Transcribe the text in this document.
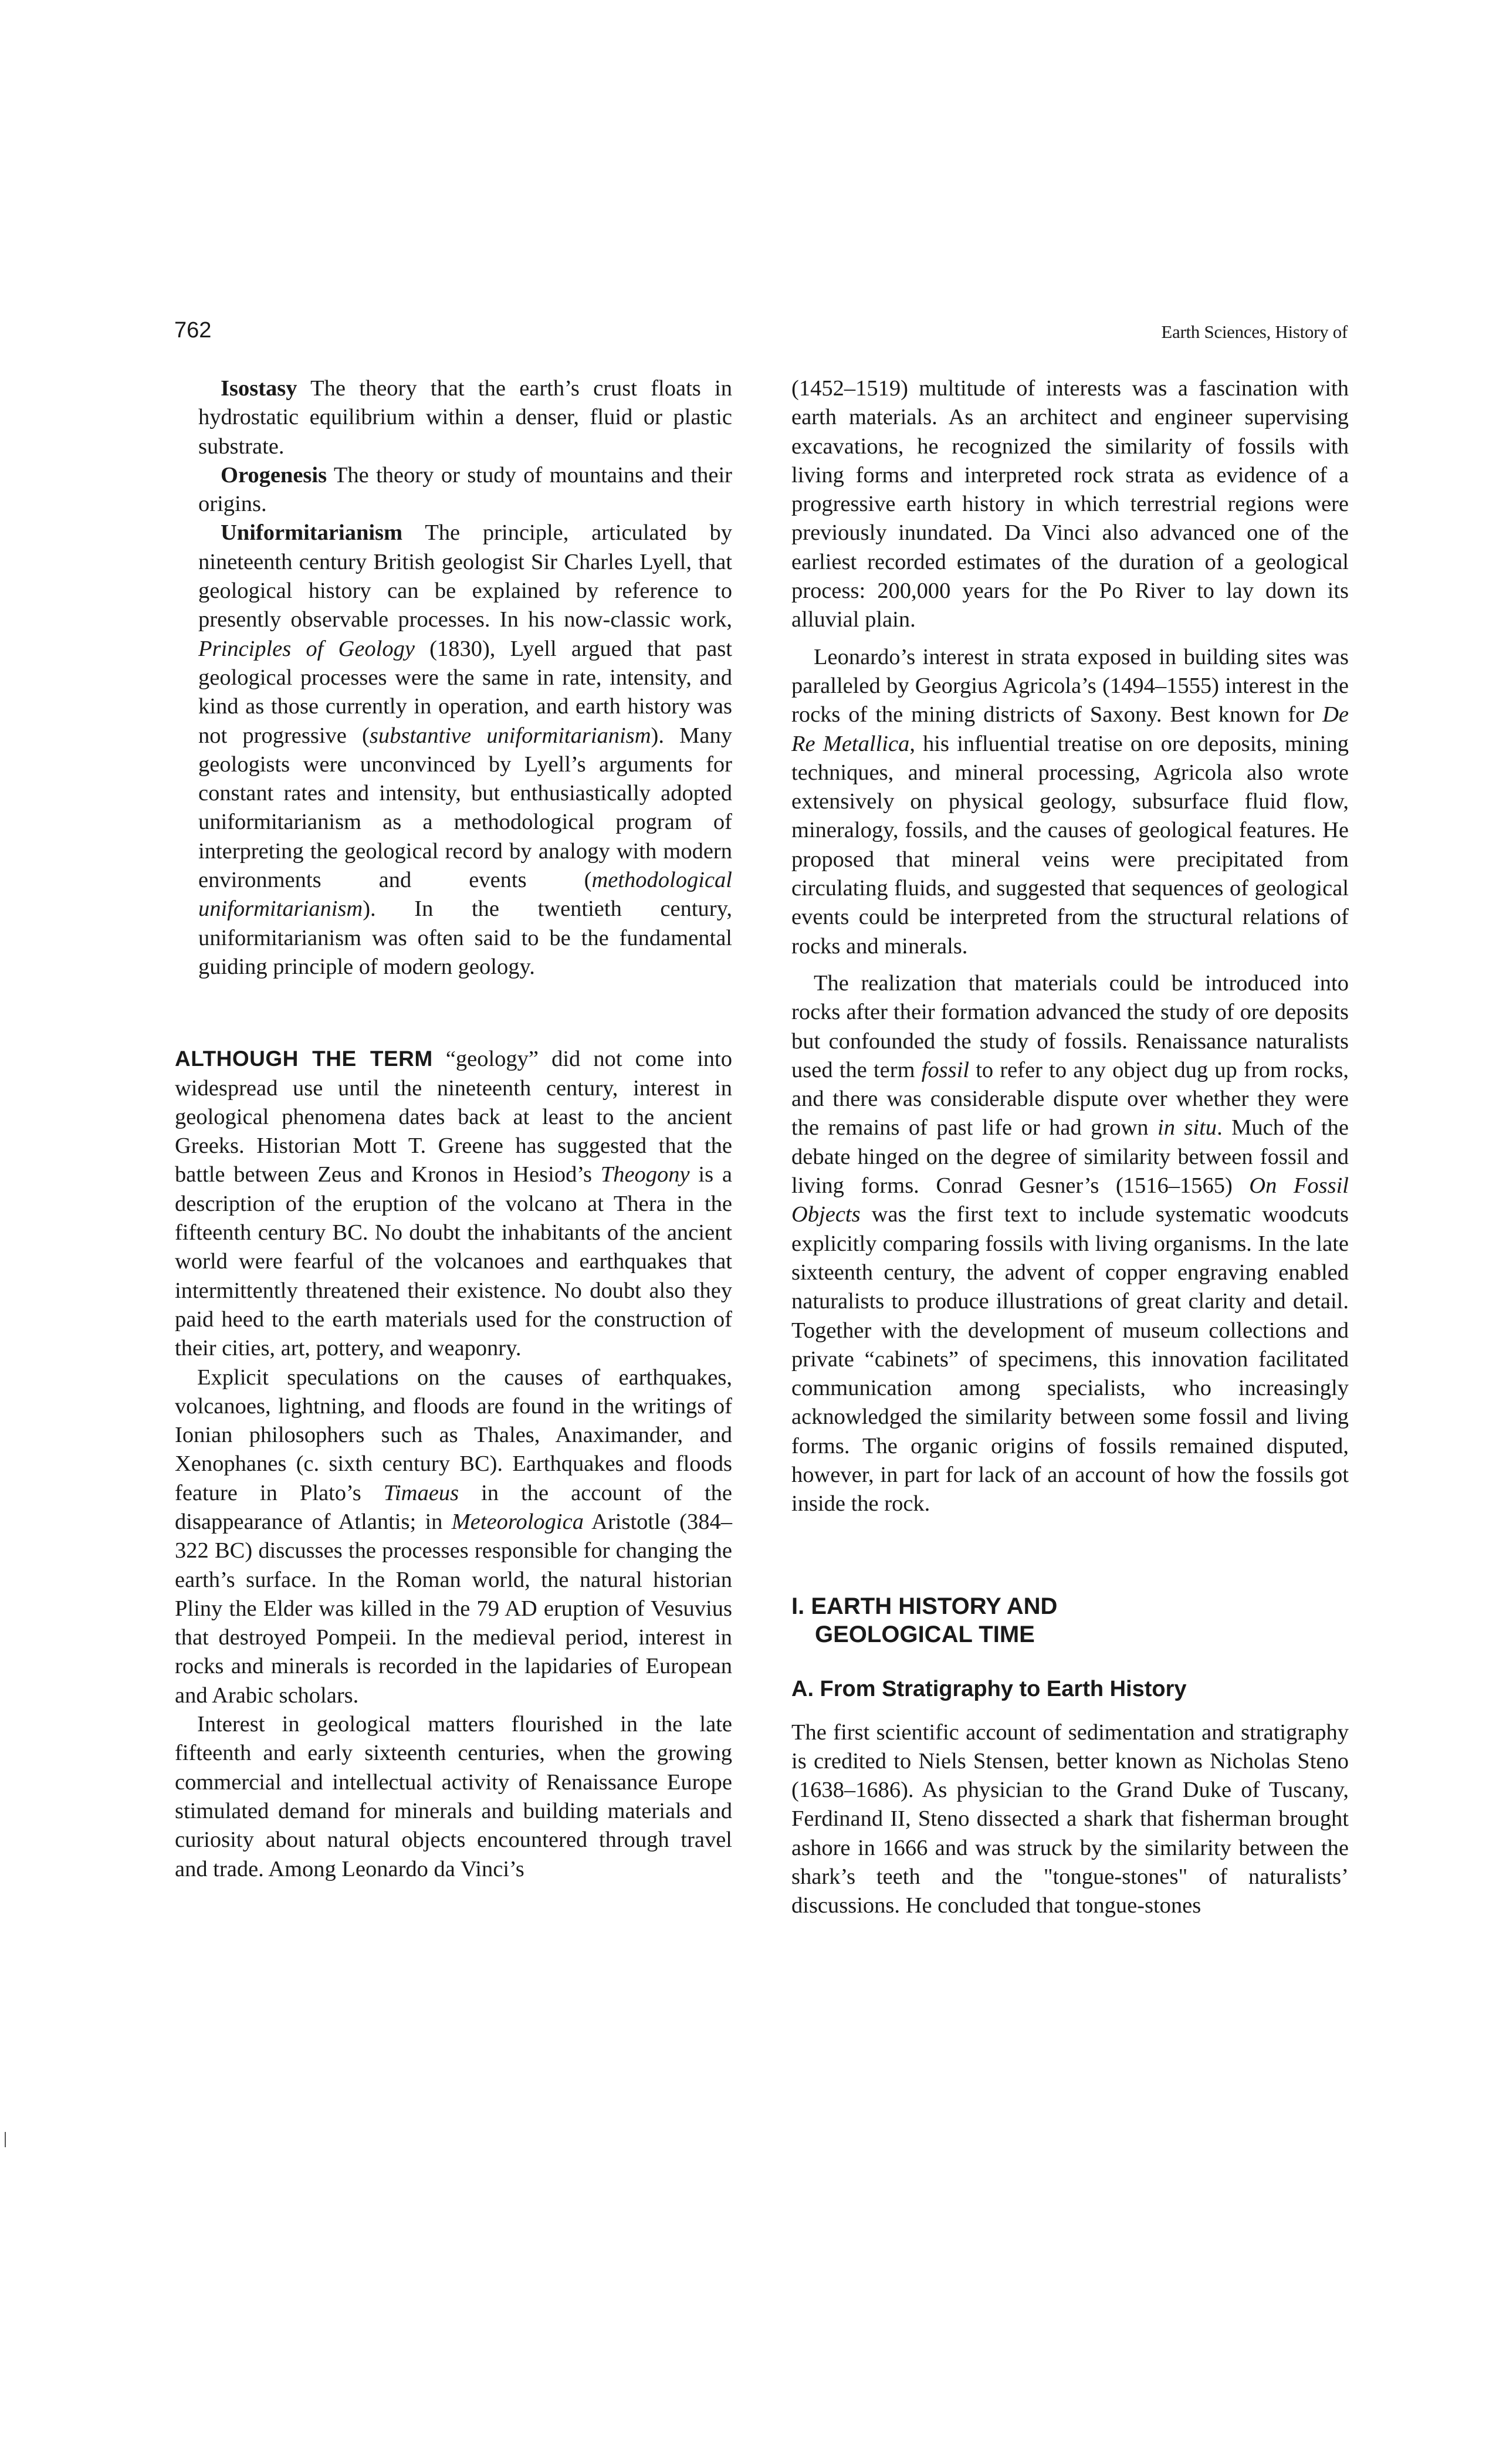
762	Earth Sciences, History of

Isostasy The theory that the earth’s crust floats in hydrostatic equilibrium within a denser, fluid or plastic substrate.

Orogenesis The theory or study of mountains and their origins.

Uniformitarianism The principle, articulated by nineteenth century British geologist Sir Charles Lyell, that geological history can be explained by reference to presently observable processes. In his now-classic work, Principles of Geology (1830), Lyell argued that past geological processes were the same in rate, intensity, and kind as those currently in operation, and earth history was not progressive (substantive uniformitarianism). Many geologists were unconvinced by Lyell’s arguments for constant rates and intensity, but enthusiastically adopted uniformitarianism as a methodological program of interpreting the geological record by analogy with modern environments and events (methodological uniformitarianism). In the twentieth century, uniformitarianism was often said to be the fundamental guiding principle of modern geology.

ALTHOUGH THE TERM “geology” did not come into widespread use until the nineteenth century, interest in geological phenomena dates back at least to the ancient Greeks. Historian Mott T. Greene has suggested that the battle between Zeus and Kronos in Hesiod’s Theogony is a description of the eruption of the volcano at Thera in the fifteenth century BC. No doubt the inhabitants of the ancient world were fearful of the volcanoes and earthquakes that intermittently threatened their existence. No doubt also they paid heed to the earth materials used for the construction of their cities, art, pottery, and weaponry.

Explicit speculations on the causes of earthquakes, volcanoes, lightning, and floods are found in the writings of Ionian philosophers such as Thales, Anaximander, and Xenophanes (c. sixth century BC). Earthquakes and floods feature in Plato’s Timaeus in the account of the disappearance of Atlantis; in Meteorologica Aristotle (384–322 BC) discusses the processes responsible for changing the earth’s surface. In the Roman world, the natural historian Pliny the Elder was killed in the 79 AD eruption of Vesuvius that destroyed Pompeii. In the medieval period, interest in rocks and minerals is recorded in the lapidaries of European and Arabic scholars.

Interest in geological matters flourished in the late fifteenth and early sixteenth centuries, when the growing commercial and intellectual activity of Renaissance Europe stimulated demand for minerals and building materials and curiosity about natural objects encountered through travel and trade. Among Leonardo da Vinci’s

(1452–1519) multitude of interests was a fascination with earth materials. As an architect and engineer supervising excavations, he recognized the similarity of fossils with living forms and interpreted rock strata as evidence of a progressive earth history in which terrestrial regions were previously inundated. Da Vinci also advanced one of the earliest recorded estimates of the duration of a geological process: 200,000 years for the Po River to lay down its alluvial plain.

Leonardo’s interest in strata exposed in building sites was paralleled by Georgius Agricola’s (1494–1555) interest in the rocks of the mining districts of Saxony. Best known for De Re Metallica, his influential treatise on ore deposits, mining techniques, and mineral processing, Agricola also wrote extensively on physical geology, subsurface fluid flow, mineralogy, fossils, and the causes of geological features. He proposed that mineral veins were precipitated from circulating fluids, and suggested that sequences of geological events could be interpreted from the structural relations of rocks and minerals.

The realization that materials could be introduced into rocks after their formation advanced the study of ore deposits but confounded the study of fossils. Renaissance naturalists used the term fossil to refer to any object dug up from rocks, and there was considerable dispute over whether they were the remains of past life or had grown in situ. Much of the debate hinged on the degree of similarity between fossil and living forms. Conrad Gesner’s (1516–1565) On Fossil Objects was the first text to include systematic woodcuts explicitly comparing fossils with living organisms. In the late sixteenth century, the advent of copper engraving enabled naturalists to produce illustrations of great clarity and detail. Together with the development of museum collections and private “cabinets” of specimens, this innovation facilitated communication among specialists, who increasingly acknowledged the similarity between some fossil and living forms. The organic origins of fossils remained disputed, however, in part for lack of an account of how the fossils got inside the rock.

I. EARTH HISTORY AND
GEOLOGICAL TIME
A. From Stratigraphy to Earth History

The first scientific account of sedimentation and stratigraphy is credited to Niels Stensen, better known as Nicholas Steno (1638–1686). As physician to the Grand Duke of Tuscany, Ferdinand II, Steno dissected a shark that fisherman brought ashore in 1666 and was struck by the similarity between the shark’s teeth and the "tongue-stones" of naturalists’ discussions. He concluded that tongue-stones
